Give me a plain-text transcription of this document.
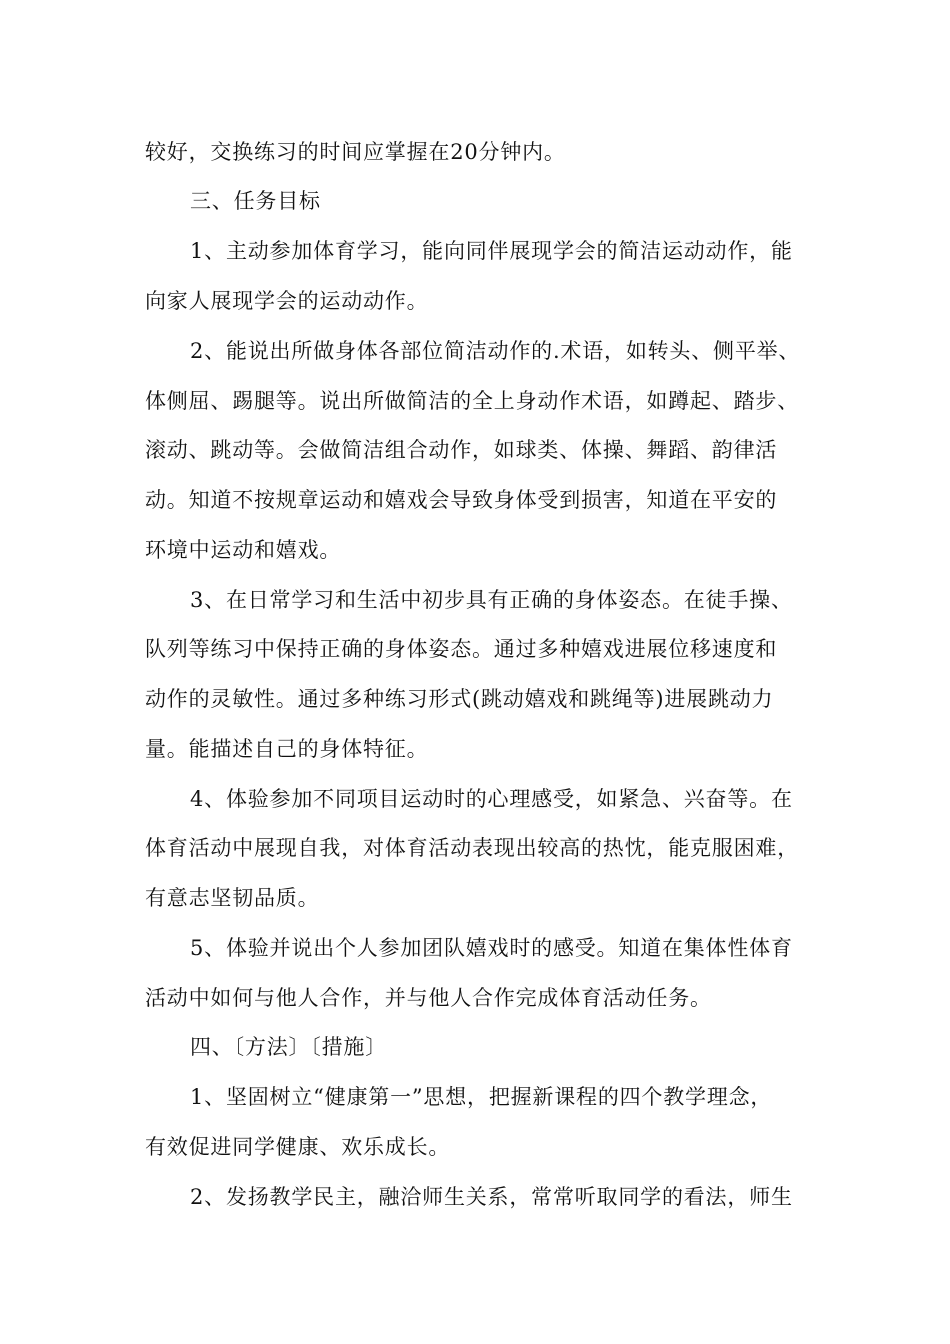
较好，交换练习的时间应掌握在20分钟内。
三、任务目标
1、主动参加体育学习，能向同伴展现学会的简洁运动动作，能
向家人展现学会的运动动作。
2、能说出所做身体各部位简洁动作的.术语，如转头、侧平举、
体侧屈、踢腿等。说出所做简洁的全上身动作术语，如蹲起、踏步、
滚动、跳动等。会做简洁组合动作，如球类、体操、舞蹈、韵律活
动。知道不按规章运动和嬉戏会导致身体受到损害，知道在平安的
环境中运动和嬉戏。
3、在日常学习和生活中初步具有正确的身体姿态。在徒手操、
队列等练习中保持正确的身体姿态。通过多种嬉戏进展位移速度和
动作的灵敏性。通过多种练习形式(跳动嬉戏和跳绳等)进展跳动力
量。能描述自己的身体特征。
4、体验参加不同项目运动时的心理感受，如紧急、兴奋等。在
体育活动中展现自我，对体育活动表现出较高的热忱，能克服困难，
有意志坚韧品质。
5、体验并说出个人参加团队嬉戏时的感受。知道在集体性体育
活动中如何与他人合作，并与他人合作完成体育活动任务。
四、〔方法〕〔措施〕
1、坚固树立“健康第一”思想，把握新课程的四个教学理念，
有效促进同学健康、欢乐成长。
2、发扬教学民主，融洽师生关系，常常听取同学的看法，师生
